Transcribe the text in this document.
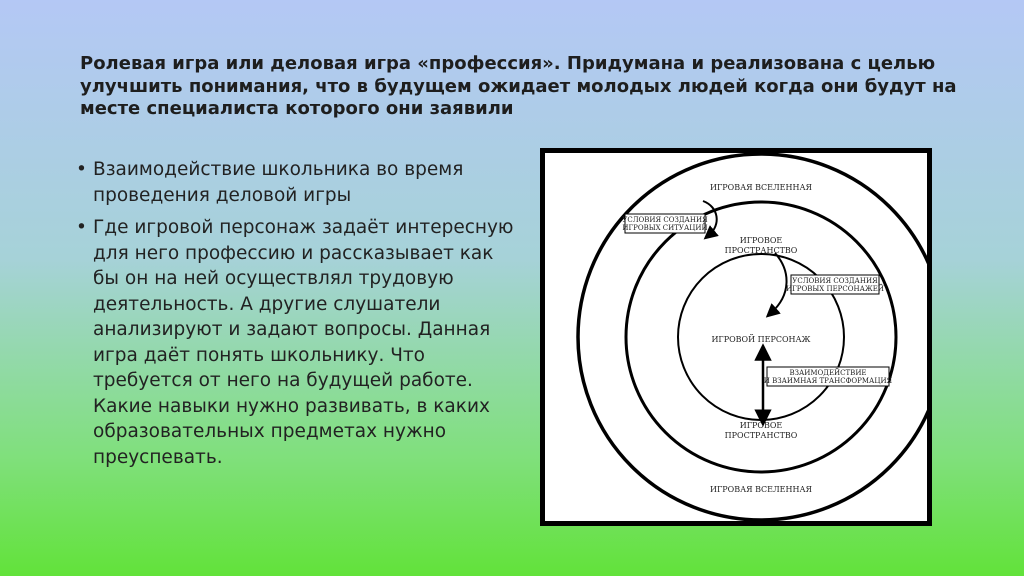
Ролевая игра или деловая игра «профессия». Придумана и реализована с целью улучшить понимания, что в будущем ожидает молодых людей когда они будут на месте специалиста которого они заявили
• Взаимодействие школьника во время проведения деловой игры
• Где игровой персонаж задаёт интересную для него профессию и рассказывает как бы он на ней осуществлял трудовую деятельность. А другие слушатели анализируют и задают вопросы. Данная игра даёт понять школьнику. Что требуется от него на будущей работе. Какие навыки нужно развивать, в каких образовательных предметах нужно преуспевать.
ИГРОВАЯ ВСЕЛЕННАЯ
ИГРОВАЯ ВСЕЛЕННАЯ
ИГРОВОЕ
ПРОСТРАНСТВО
ИГРОВОЕ
ПРОСТРАНСТВО
ИГРОВОЙ ПЕРСОНАЖ
УСЛОВИЯ СОЗДАНИЯ
ИГРОВЫХ СИТУАЦИЙ
УСЛОВИЯ СОЗДАНИЯ
ИГРОВЫХ ПЕРСОНАЖЕЙ
ВЗАИМОДЕЙСТВИЕ
И ВЗАИМНАЯ ТРАНСФОРМАЦИЯ
